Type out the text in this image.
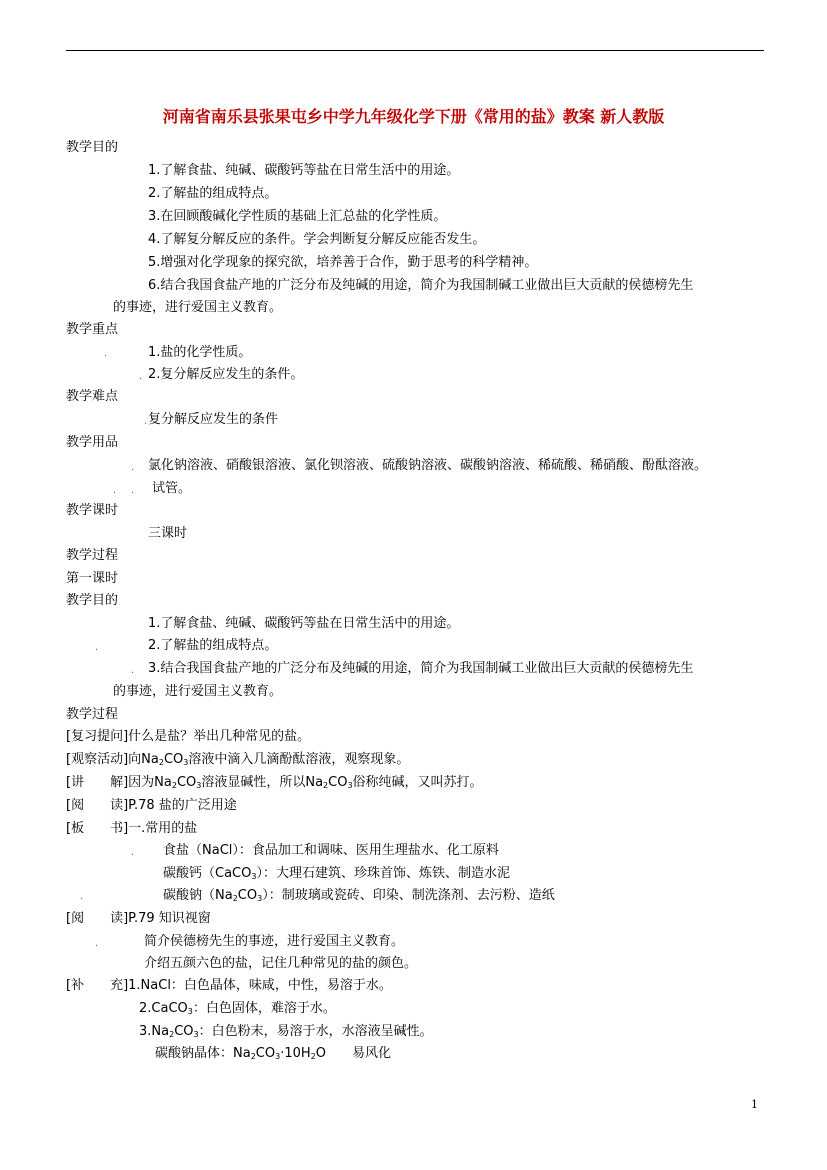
河南省南乐县张果屯乡中学九年级化学下册《常用的盐》教案 新人教版
教学目的
1.了解食盐、纯碱、碳酸钙等盐在日常生活中的用途。
2.了解盐的组成特点。
3.在回顾酸碱化学性质的基础上汇总盐的化学性质。
4.了解复分解反应的条件。学会判断复分解反应能否发生。
5.增强对化学现象的探究欲，培养善于合作，勤于思考的科学精神。
6.结合我国食盐产地的广泛分布及纯碱的用途，简介为我国制碱工业做出巨大贡献的侯德榜先生
的事迹，进行爱国主义教育。
教学重点
.	1.盐的化学性质。
. 2.复分解反应发生的条件。
教学难点
. 复分解反应发生的条件
教学用品
. 氯化钠溶液、硝酸银溶液、氯化钡溶液、硫酸钠溶液、碳酸钠溶液、稀硫酸、稀硝酸、酚酞溶液。
. . 试管。
教学课时
三课时
教学过程
第一课时
教学目的
1.了解食盐、纯碱、碳酸钙等盐在日常生活中的用途。
.	2.了解盐的组成特点。
. 3.结合我国食盐产地的广泛分布及纯碱的用途，简介为我国制碱工业做出巨大贡献的侯德榜先生
的事迹，进行爱国主义教育。
教学过程
[复习提问]什么是盐？举出几种常见的盐。
[观察活动]向$Na_2CO_3$溶液中滴入几滴酚酞溶液，观察现象。
[讲　　解]因为$Na_2CO_3$溶液显碱性，所以$Na_2CO_3$俗称纯碱，又叫苏打。
[阅　　读]P.78 盐的广泛用途
[板　　书]一.常用的盐
. 食盐（NaCl）：食品加工和调味、医用生理盐水、化工原料
碳酸钙（CaCO$_3$）：大理石建筑、珍珠首饰、炼铁、制造水泥
.	碳酸钠$(Na_2CO_3)$：制玻璃或瓷砖、印染、制洗涤剂、去污粉、造纸
[阅　　读]P.79 知识视窗
.	简介侯德榜先生的事迹，进行爱国主义教育。
介绍五颜六色的盐，记住几种常见的盐的颜色。
[补　　充]1.NaCl：白色晶体，味咸，中性，易溶于水。
2.CaCO$_3$：白色固体，难溶于水。
$3.Na_2CO_3$：白色粉末，易溶于水，水溶液呈碱性。
碳酸钠晶体：$Na_2CO_3\cdot 10H_2O$　　易风化
1
